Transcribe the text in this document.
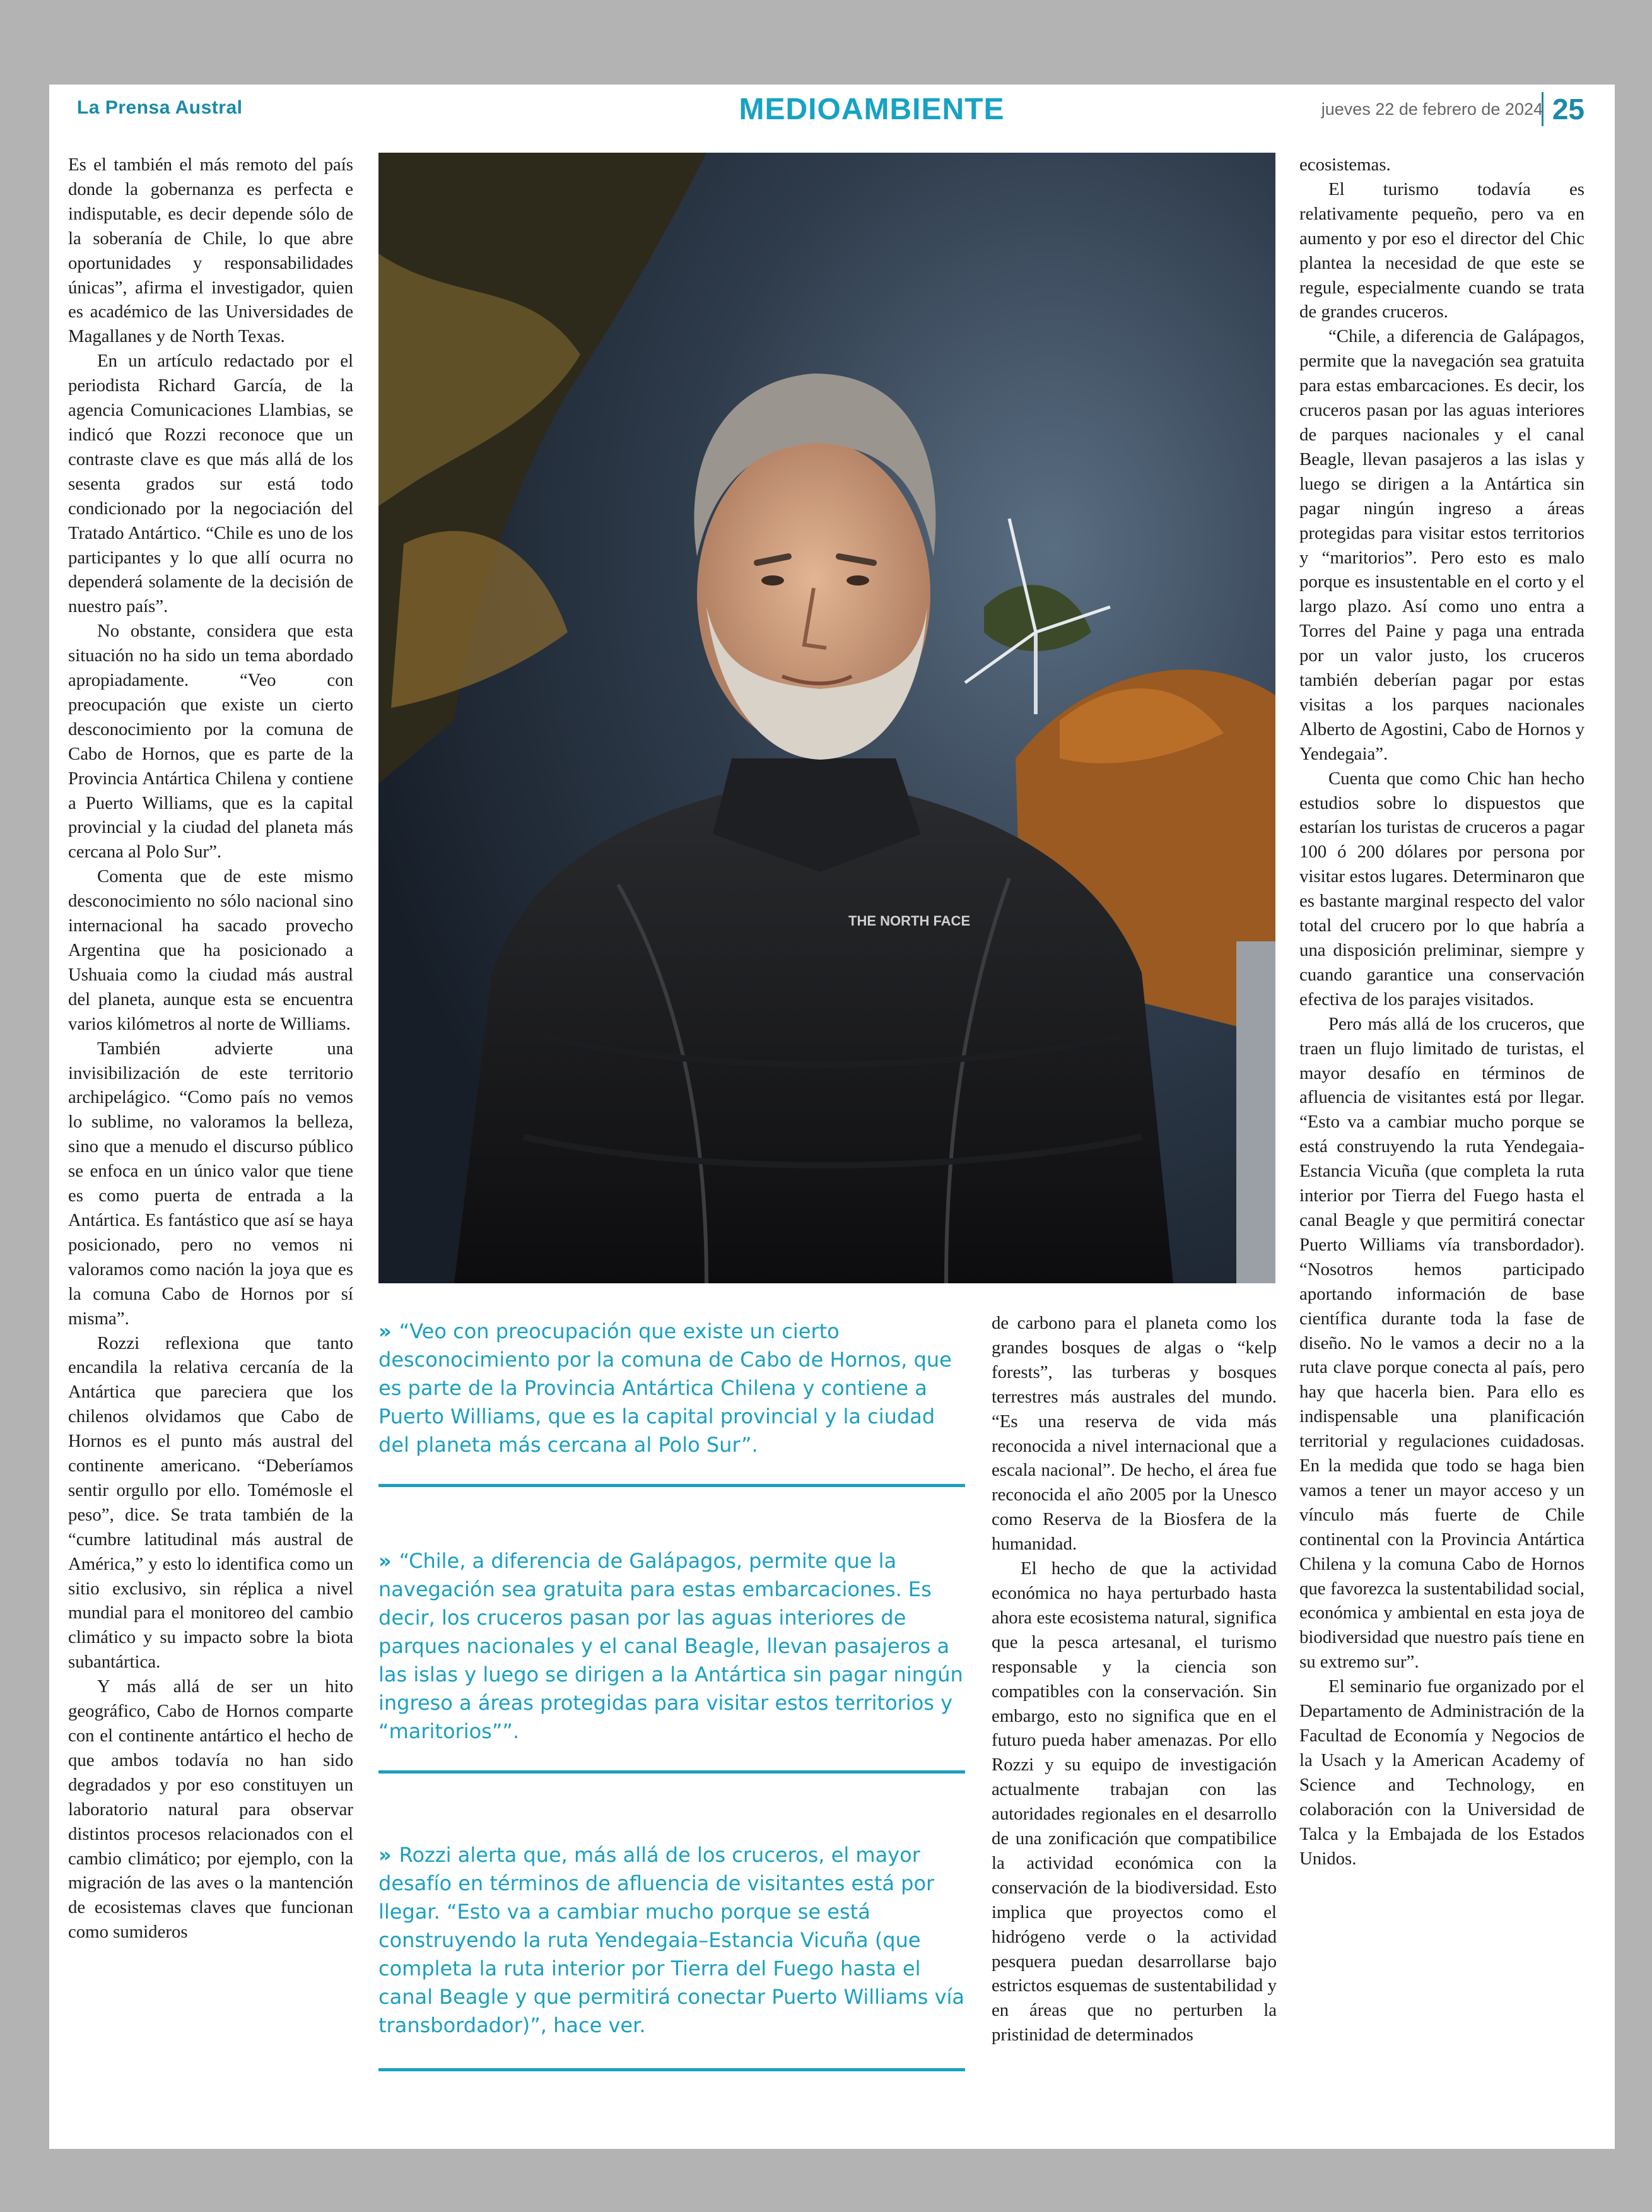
La Prensa Austral	MEDIOAMBIENTE	jueves 22 de febrero de 2024 25

Es el también el más remoto del país donde la gobernanza es perfecta e indisputable, es decir depende sólo de la soberanía de Chile, lo que abre oportunidades y responsabilidades únicas”, afirma el investigador, quien es académico de las Universidades de Magallanes y de North Texas.

En un artículo redactado por el periodista Richard García, de la agencia Comunicaciones Llambias, se indicó que Rozzi reconoce que un contraste clave es que más allá de los sesenta grados sur está todo condicionado por la negociación del Tratado Antártico. “Chile es uno de los participantes y lo que allí ocurra no dependerá solamente de la decisión de nuestro país”.

No obstante, considera que esta situación no ha sido un tema abordado apropiadamente. “Veo con preocupación que existe un cierto desconocimiento por la comuna de Cabo de Hornos, que es parte de la Provincia Antártica Chilena y contiene a Puerto Williams, que es la capital provincial y la ciudad del planeta más cercana al Polo Sur”.

Comenta que de este mismo desconocimiento no sólo nacional sino internacional ha sacado provecho Argentina que ha posicionado a Ushuaia como la ciudad más austral del planeta, aunque esta se encuentra varios kilómetros al norte de Williams.

También advierte una invisibilización de este territorio archipelágico. “Como país no vemos lo sublime, no valoramos la belleza, sino que a menudo el discurso público se enfoca en un único valor que tiene es como puerta de entrada a la Antártica. Es fantástico que así se haya posicionado, pero no vemos ni valoramos como nación la joya que es la comuna Cabo de Hornos por sí misma”.

Rozzi reflexiona que tanto encandila la relativa cercanía de la Antártica que pareciera que los chilenos olvidamos que Cabo de Hornos es el punto más austral del continente americano. “Deberíamos sentir orgullo por ello. Tomémosle el peso”, dice. Se trata también de la “cumbre latitudinal más austral de América,” y esto lo identifica como un sitio exclusivo, sin réplica a nivel mundial para el monitoreo del cambio climático y su impacto sobre la biota subantártica.

Y más allá de ser un hito geográfico, Cabo de Hornos comparte con el continente antártico el hecho de que ambos todavía no han sido degradados y por eso constituyen un laboratorio natural para observar distintos procesos relacionados con el cambio climático; por ejemplo, con la migración de las aves o la mantención de ecosistemas claves que funcionan como sumideros

THE NORTH FACE
» “Veo con preocupación que existe un cierto desconocimiento por la comuna de Cabo de Hornos, que es parte de la Provincia Antártica Chilena y contiene a Puerto Williams, que es la capital provincial y la ciudad del planeta más cercana al Polo Sur”.
» “Chile, a diferencia de Galápagos, permite que la navegación sea gratuita para estas embarcaciones. Es decir, los cruceros pasan por las aguas interiores de parques nacionales y el canal Beagle, llevan pasajeros a las islas y luego se dirigen a la Antártica sin pagar ningún ingreso a áreas protegidas para visitar estos territorios y “maritorios””.
» Rozzi alerta que, más allá de los cruceros, el mayor desafío en términos de afluencia de visitantes está por llegar. “Esto va a cambiar mucho porque se está construyendo la ruta Yendegaia–Estancia Vicuña (que completa la ruta interior por Tierra del Fuego hasta el canal Beagle y que permitirá conectar Puerto Williams vía transbordador)”, hace ver.

de carbono para el planeta como los grandes bosques de algas o “kelp forests”, las turberas y bosques terrestres más australes del mundo. “Es una reserva de vida más reconocida a nivel internacional que a escala nacional”. De hecho, el área fue reconocida el año 2005 por la Unesco como Reserva de la Biosfera de la humanidad.

El hecho de que la actividad económica no haya perturbado hasta ahora este ecosistema natural, significa que la pesca artesanal, el turismo responsable y la ciencia son compatibles con la conservación. Sin embargo, esto no significa que en el futuro pueda haber amenazas. Por ello Rozzi y su equipo de investigación actualmente trabajan con las autoridades regionales en el desarrollo de una zonificación que compatibilice la actividad económica con la conservación de la biodiversidad. Esto implica que proyectos como el hidrógeno verde o la actividad pesquera puedan desarrollarse bajo estrictos esquemas de sustentabilidad y en áreas que no perturben la pristinidad de determinados

ecosistemas.

El turismo todavía es relativamente pequeño, pero va en aumento y por eso el director del Chic plantea la necesidad de que este se regule, especialmente cuando se trata de grandes cruceros.

“Chile, a diferencia de Galápagos, permite que la navegación sea gratuita para estas embarcaciones. Es decir, los cruceros pasan por las aguas interiores de parques nacionales y el canal Beagle, llevan pasajeros a las islas y luego se dirigen a la Antártica sin pagar ningún ingreso a áreas protegidas para visitar estos territorios y “maritorios”. Pero esto es malo porque es insustentable en el corto y el largo plazo. Así como uno entra a Torres del Paine y paga una entrada por un valor justo, los cruceros también deberían pagar por estas visitas a los parques nacionales Alberto de Agostini, Cabo de Hornos y Yendegaia”.

Cuenta que como Chic han hecho estudios sobre lo dispuestos que estarían los turistas de cruceros a pagar 100 ó 200 dólares por persona por visitar estos lugares. Determinaron que es bastante marginal respecto del valor total del crucero por lo que habría a una disposición preliminar, siempre y cuando garantice una conservación efectiva de los parajes visitados.

Pero más allá de los cruceros, que traen un flujo limitado de turistas, el mayor desafío en términos de afluencia de visitantes está por llegar. “Esto va a cambiar mucho porque se está construyendo la ruta Yendegaia-Estancia Vicuña (que completa la ruta interior por Tierra del Fuego hasta el canal Beagle y que permitirá conectar Puerto Williams vía transbordador). “Nosotros hemos participado aportando información de base científica durante toda la fase de diseño. No le vamos a decir no a la ruta clave porque conecta al país, pero hay que hacerla bien. Para ello es indispensable una planificación territorial y regulaciones cuidadosas. En la medida que todo se haga bien vamos a tener un mayor acceso y un vínculo más fuerte de Chile continental con la Provincia Antártica Chilena y la comuna Cabo de Hornos que favorezca la sustentabilidad social, económica y ambiental en esta joya de biodiversidad que nuestro país tiene en su extremo sur”.

El seminario fue organizado por el Departamento de Administración de la Facultad de Economía y Negocios de la Usach y la American Academy of Science and Technology, en colaboración con la Universidad de Talca y la Embajada de los Estados Unidos.
